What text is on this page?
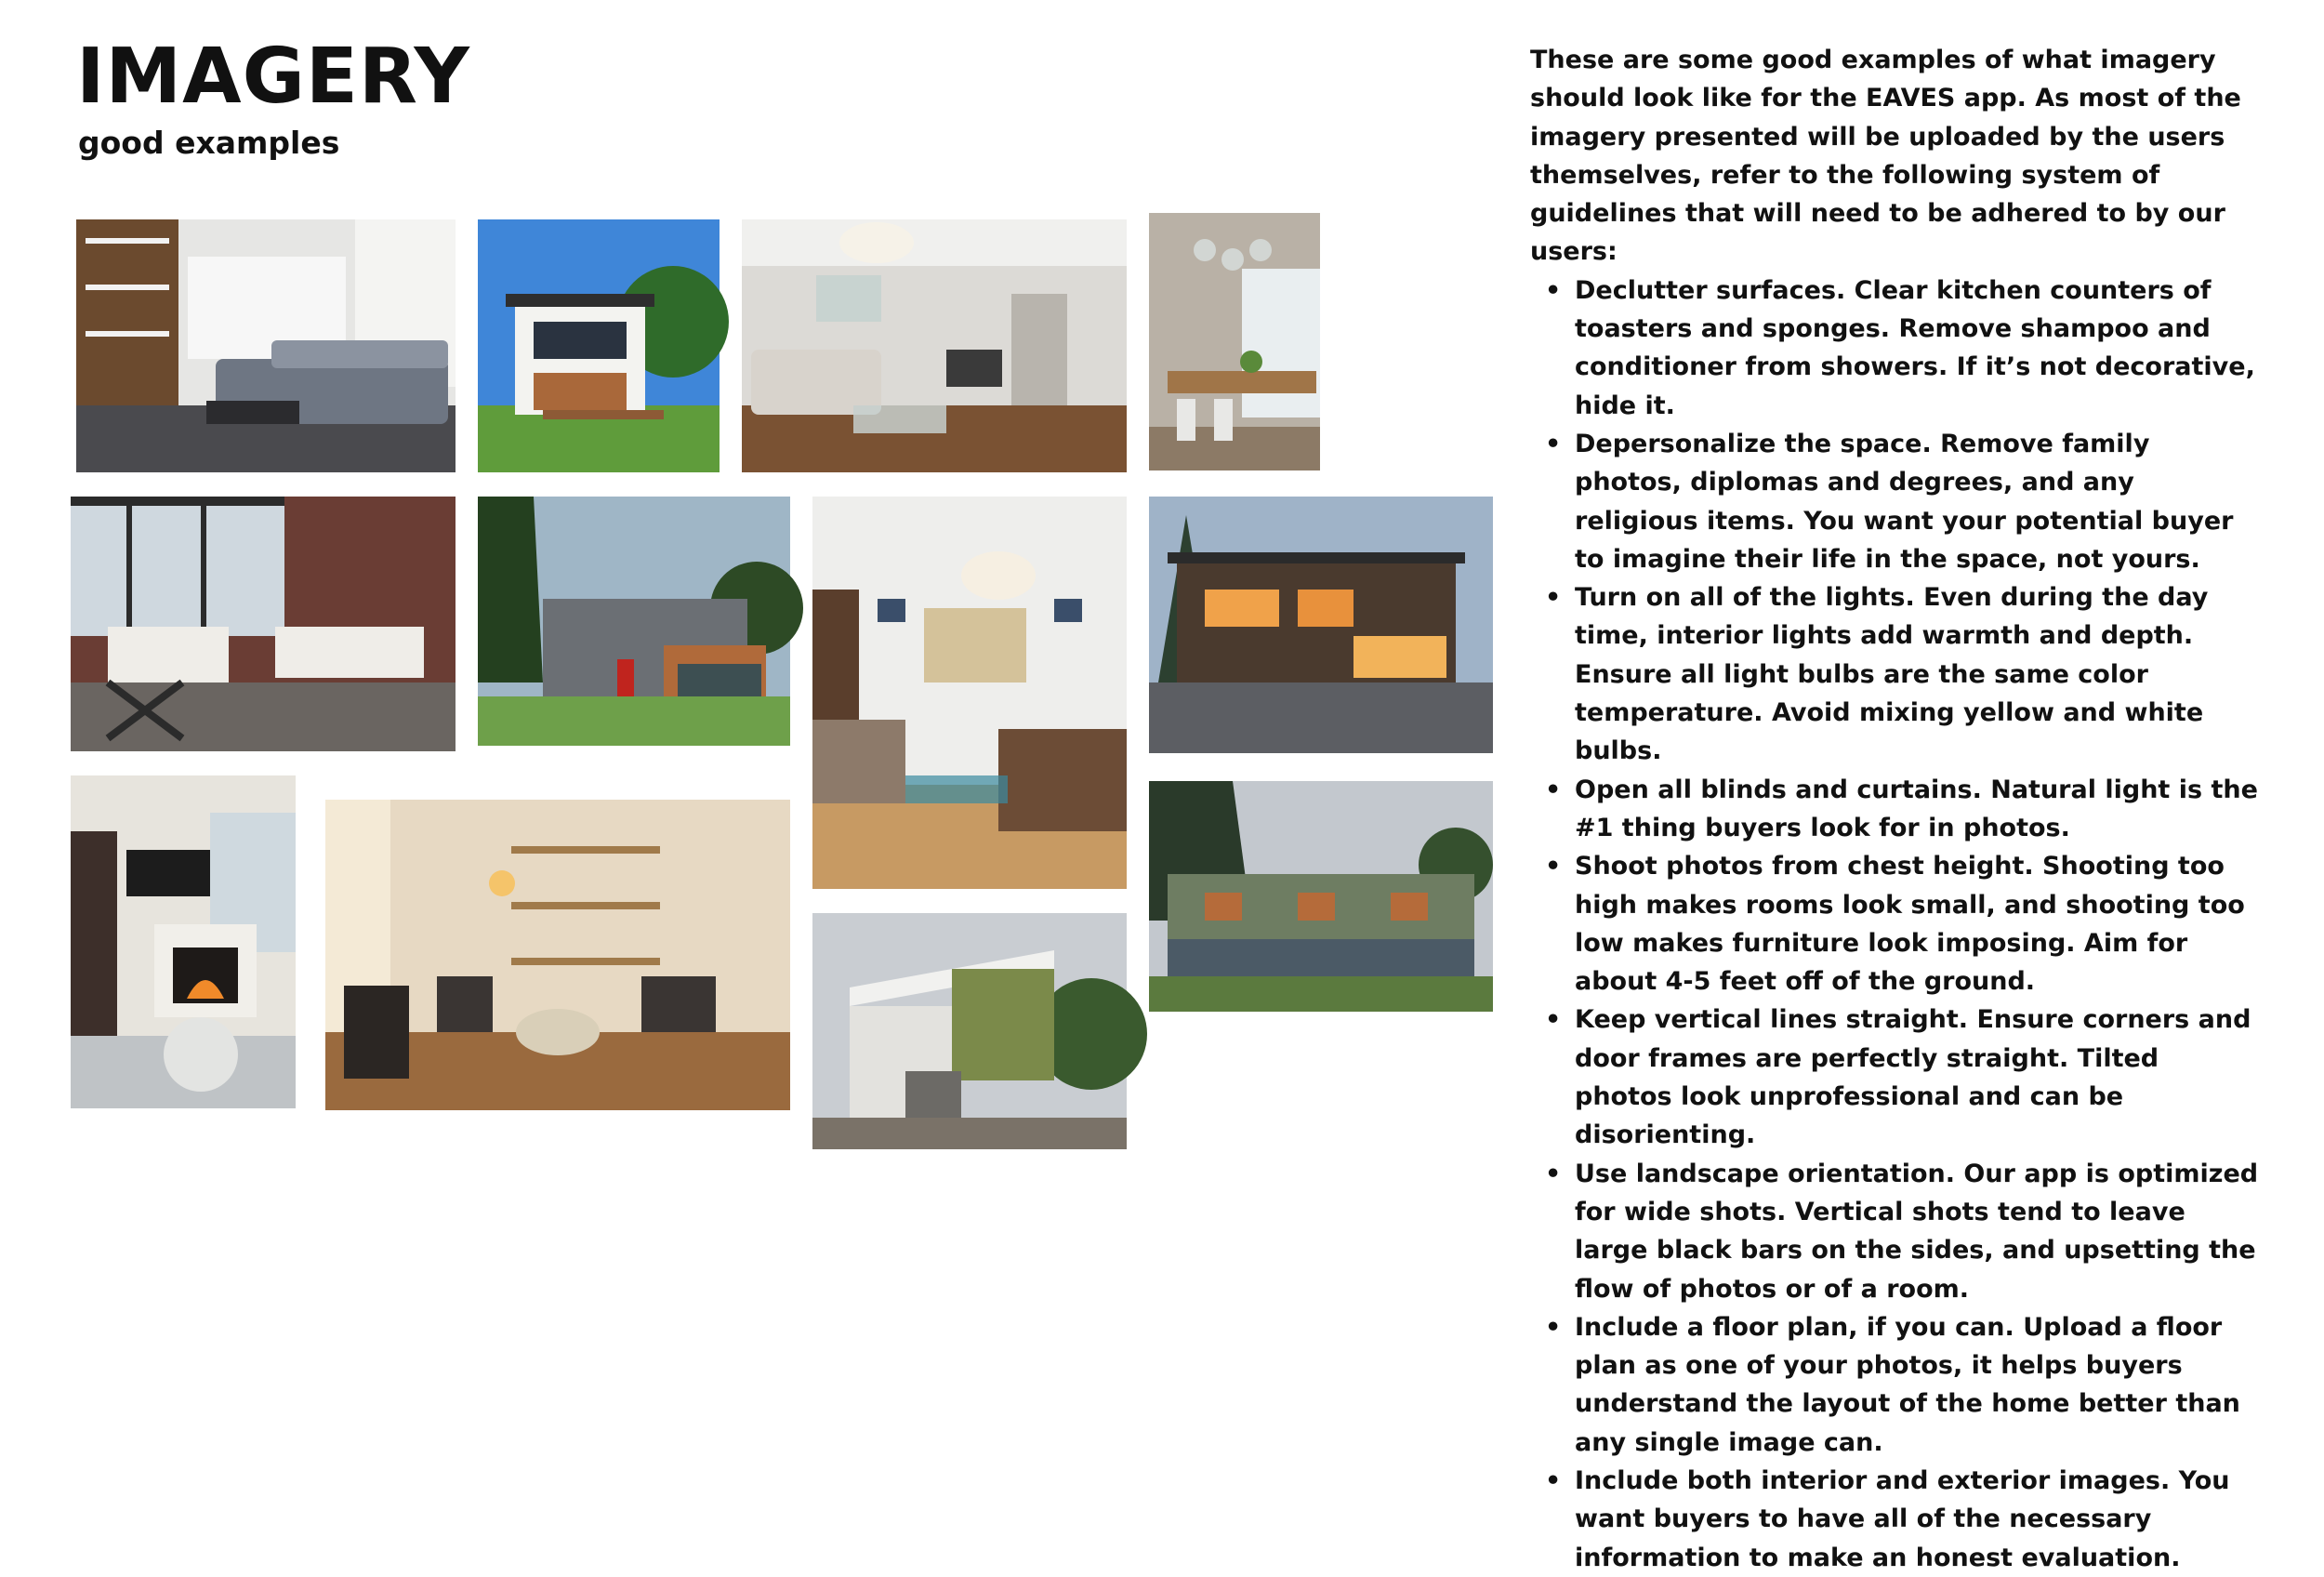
IMAGERY
good examples

These are some good examples of what imagery should look like for the EAVES app. As most of the imagery presented will be uploaded by the users themselves, refer to the following system of guidelines that will need to be adhered to by our users:

• Declutter surfaces. Clear kitchen counters of toasters and sponges. Remove shampoo and conditioner from showers. If it’s not decorative, hide it.
• Depersonalize the space. Remove family photos, diplomas and degrees, and any religious items. You want your potential buyer to imagine their life in the space, not yours.
• Turn on all of the lights. Even during the day time, interior lights add warmth and depth. Ensure all light bulbs are the same color temperature. Avoid mixing yellow and white bulbs.
• Open all blinds and curtains. Natural light is the #1 thing buyers look for in photos.
• Shoot photos from chest height. Shooting too high makes rooms look small, and shooting too low makes furniture look imposing. Aim for about 4-5 feet off of the ground.
• Keep vertical lines straight. Ensure corners and door frames are perfectly straight. Tilted photos look unprofessional and can be disorienting.
• Use landscape orientation. Our app is optimized for wide shots. Vertical shots tend to leave large black bars on the sides, and upsetting the flow of photos or of a room.
• Include a floor plan, if you can. Upload a floor plan as one of your photos, it helps buyers understand the layout of the home better than any single image can.
• Include both interior and exterior images. You want buyers to have all of the necessary information to make an honest evaluation.
